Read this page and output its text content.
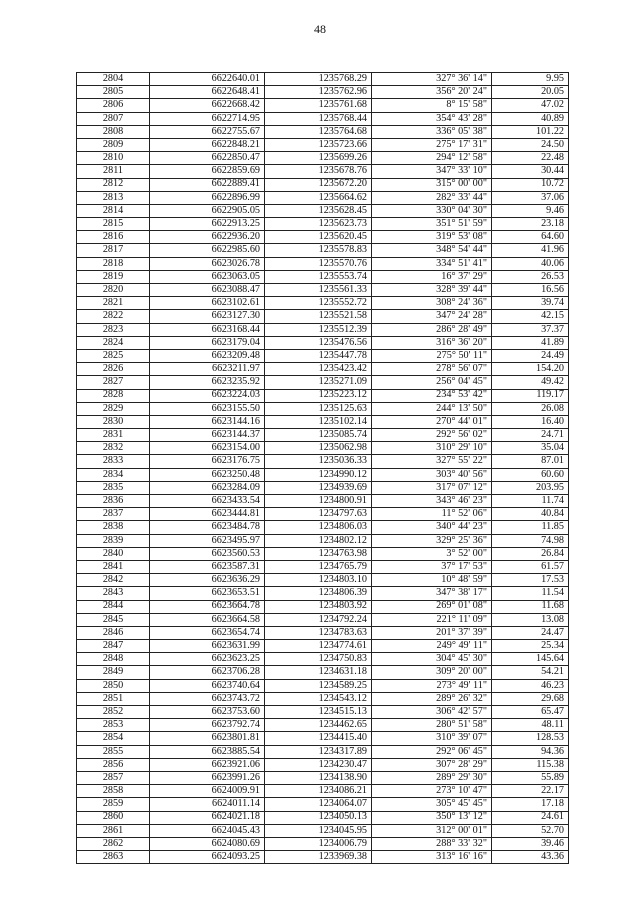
48
2804	6622640.01	1235768.29	327° 36' 14"	9.95
2805	6622648.41	1235762.96	356° 20' 24"	20.05
2806	6622668.42	1235761.68	8° 15' 58"	47.02
2807	6622714.95	1235768.44	354° 43' 28"	40.89
2808	6622755.67	1235764.68	336° 05' 38"	101.22
2809	6622848.21	1235723.66	275° 17' 31"	24.50
2810	6622850.47	1235699.26	294° 12' 58"	22.48
2811	6622859.69	1235678.76	347° 33' 10"	30.44
2812	6622889.41	1235672.20	315° 00' 00"	10.72
2813	6622896.99	1235664.62	282° 33' 44"	37.06
2814	6622905.05	1235628.45	330° 04' 30"	9.46
2815	6622913.25	1235623.73	351° 51' 59"	23.18
2816	6622936.20	1235620.45	319° 53' 08"	64.60
2817	6622985.60	1235578.83	348° 54' 44"	41.96
2818	6623026.78	1235570.76	334° 51' 41"	40.06
2819	6623063.05	1235553.74	16° 37' 29"	26.53
2820	6623088.47	1235561.33	328° 39' 44"	16.56
2821	6623102.61	1235552.72	308° 24' 36"	39.74
2822	6623127.30	1235521.58	347° 24' 28"	42.15
2823	6623168.44	1235512.39	286° 28' 49"	37.37
2824	6623179.04	1235476.56	316° 36' 20"	41.89
2825	6623209.48	1235447.78	275° 50' 11"	24.49
2826	6623211.97	1235423.42	278° 56' 07"	154.20
2827	6623235.92	1235271.09	256° 04' 45"	49.42
2828	6623224.03	1235223.12	234° 53' 42"	119.17
2829	6623155.50	1235125.63	244° 13' 50"	26.08
2830	6623144.16	1235102.14	270° 44' 01"	16.40
2831	6623144.37	1235085.74	292° 56' 02"	24.71
2832	6623154.00	1235062.98	310° 29' 10"	35.04
2833	6623176.75	1235036.33	327° 55' 22"	87.01
2834	6623250.48	1234990.12	303° 40' 56"	60.60
2835	6623284.09	1234939.69	317° 07' 12"	203.95
2836	6623433.54	1234800.91	343° 46' 23"	11.74
2837	6623444.81	1234797.63	11° 52' 06"	40.84
2838	6623484.78	1234806.03	340° 44' 23"	11.85
2839	6623495.97	1234802.12	329° 25' 36"	74.98
2840	6623560.53	1234763.98	3° 52' 00"	26.84
2841	6623587.31	1234765.79	37° 17' 53"	61.57
2842	6623636.29	1234803.10	10° 48' 59"	17.53
2843	6623653.51	1234806.39	347° 38' 17"	11.54
2844	6623664.78	1234803.92	269° 01' 08"	11.68
2845	6623664.58	1234792.24	221° 11' 09"	13.08
2846	6623654.74	1234783.63	201° 37' 39"	24.47
2847	6623631.99	1234774.61	249° 49' 11"	25.34
2848	6623623.25	1234750.83	304° 45' 30"	145.64
2849	6623706.28	1234631.18	309° 20' 00"	54.21
2850	6623740.64	1234589.25	273° 49' 11"	46.23
2851	6623743.72	1234543.12	289° 26' 32"	29.68
2852	6623753.60	1234515.13	306° 42' 57"	65.47
2853	6623792.74	1234462.65	280° 51' 58"	48.11
2854	6623801.81	1234415.40	310° 39' 07"	128.53
2855	6623885.54	1234317.89	292° 06' 45"	94.36
2856	6623921.06	1234230.47	307° 28' 29"	115.38
2857	6623991.26	1234138.90	289° 29' 30"	55.89
2858	6624009.91	1234086.21	273° 10' 47"	22.17
2859	6624011.14	1234064.07	305° 45' 45"	17.18
2860	6624021.18	1234050.13	350° 13' 12"	24.61
2861	6624045.43	1234045.95	312° 00' 01"	52.70
2862	6624080.69	1234006.79	288° 33' 32"	39.46
2863	6624093.25	1233969.38	313° 16' 16"	43.36
